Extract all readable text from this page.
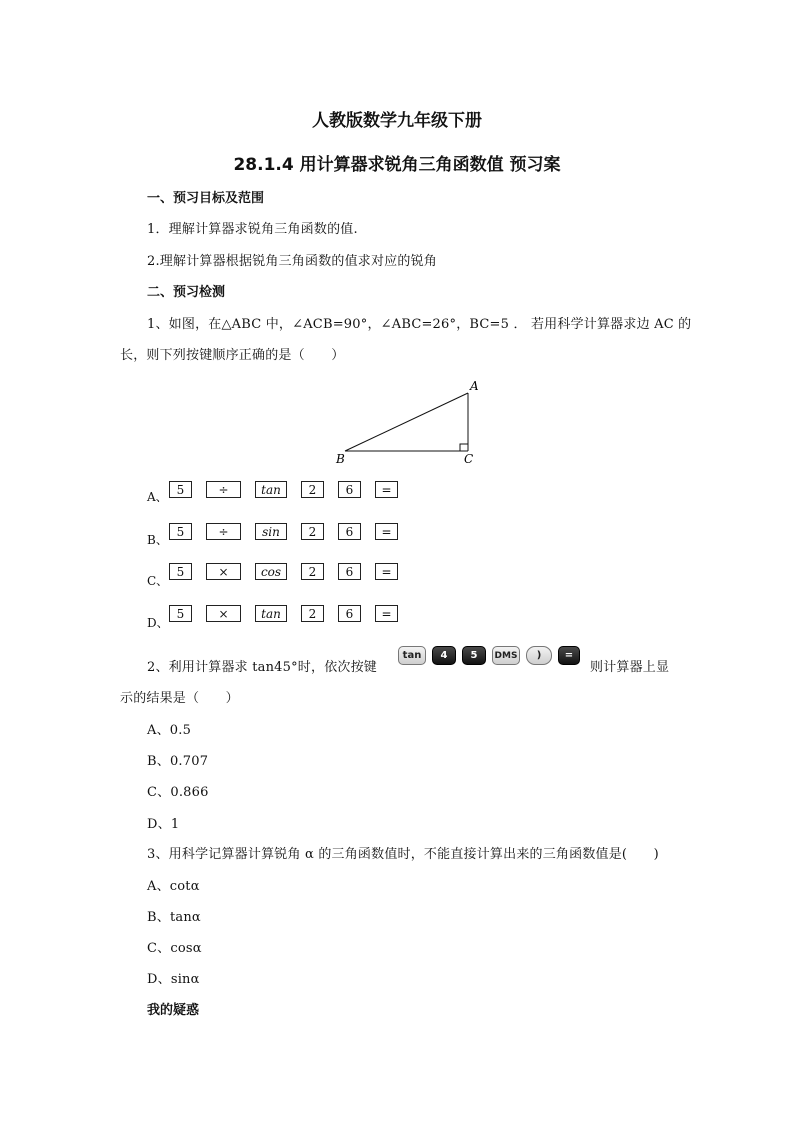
人教版数学九年级下册
28.1.4 用计算器求锐角三角函数值 预习案
一、预习目标及范围
1．理解计算器求锐角三角函数的值.
2.理解计算器根据锐角三角函数的值求对应的锐角
二、预习检测
1、如图，在△ABC 中，∠ACB=90°，∠ABC=26°，BC=5 ． 若用科学计算器求边 AC 的
长，则下列按键顺序正确的是（　　）
A
B	C
A、
5	÷	tan	2	6	=
B、
5	÷	sin	2	6	=
C、
5	×	cos	2	6	=
D、
5	×	tan	2	6	=
2、利用计算器求 tan45°时，依次按键
tan	4	5	DMS	)	=
则计算器上显
示的结果是（　　）
A、0.5
B、0.707
C、0.866
D、1
3、用科学记算器计算锐角 α 的三角函数值时，不能直接计算出来的三角函数值是(　　)
A、cotα
B、tanα
C、cosα
D、sinα
我的疑惑
